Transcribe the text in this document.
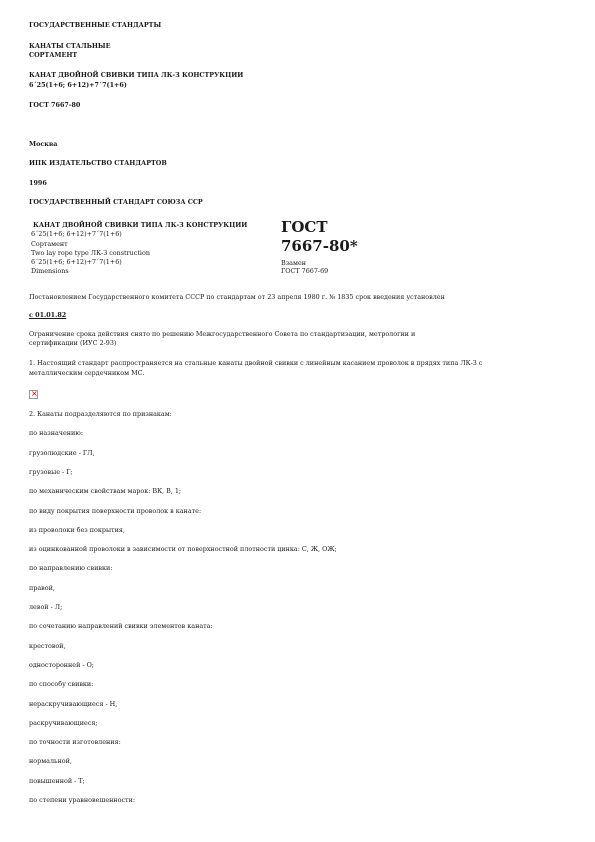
ГОСУДАРСТВЕННЫЕ СТАНДАРТЫ
КАНАТЫ СТАЛЬНЫЕ
СОРТАМЕНТ
КАНАТ ДВОЙНОЙ СВИВКИ ТИПА ЛК-З КОНСТРУКЦИИ
6´25(1+6; 6+12)+7´7(1+6)
ГОСТ 7667-80
Москва
ИПК ИЗДАТЕЛЬСТВО СТАНДАРТОВ
1996
ГОСУДАРСТВЕННЫЙ СТАНДАРТ СОЮЗА ССР
КАНАТ ДВОЙНОЙ СВИВКИ ТИПА ЛК-З КОНСТРУКЦИИ
6´25(1+6; 6+12)+7´7(1+6)
Сортамент
Two lay rope type ЛК-З construction
6´25(1+6; 6+12)+7´7(1+6)
Dimensions
ГОСТ
7667-80*
Взамен
ГОСТ 7667-69
Постановлением Государственного комитета СССР по стандартам от 23 апреля 1980 г. № 1835 срок введения установлен
с 01.01.82
Ограничение срока действия снято по решению Межгосударственного Совета по стандартизации, метрологии и
сертификации (ИУС 2-93)
1. Настоящий стандарт распространяется на стальные канаты двойной свивки с линейным касанием проволок в прядях типа ЛК-З с
металлическим сердечником МС.
×
2. Канаты подразделяются по признакам:
по назначению:
грузолюдские - ГЛ,
грузовые - Г;
по механическим свойствам марок: ВК, В, 1;
по виду покрытия поверхности проволок в канате:
из проволоки без покрытия,
из оцинкованной проволоки в зависимости от поверхностной плотности цинка: С, Ж, ОЖ;
по направлению свивки:
правой,
левой - Л;
по сочетанию направлений свивки элементов каната:
крестовой,
односторонней - О;
по способу свивки:
нераскручивающиеся - Н,
раскручивающиеся;
по точности изготовления:
нормальной,
повышенной - Т;
по степени уравновешенности:
